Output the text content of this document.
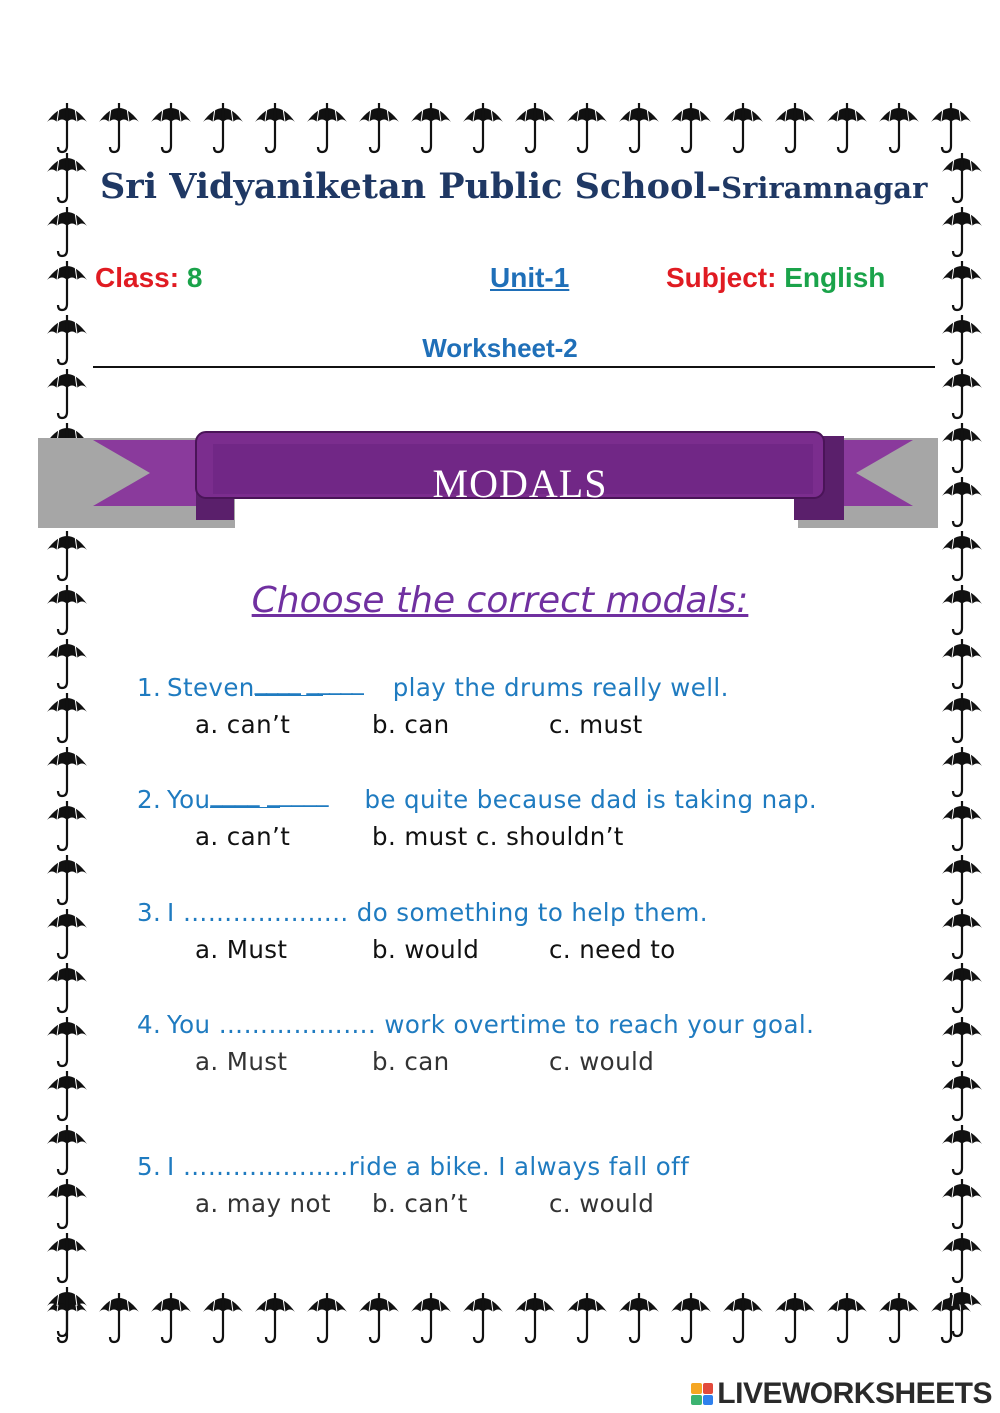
Sri Vidyaniketan Public School-Sriramnagar
Class: 8	Unit-1	Subject: English
Worksheet-2
MODALS
Choose the correct modals:
1. Steven ____ _____ play the drums really well.
a. can’t	b. can	c. must
2. You ____ _____ be quite because dad is taking nap.
a. can’t	b. must c. shouldn’t
3. I ……………….. do something to help them.
a. Must	b. would	c. need to
4. You ………………. work overtime to reach your goal.
a. Must	b. can	c. would
5. I ………………..ride a bike. I always fall off
a. may not b. can’t	c. would
LIVEWORKSHEETS
